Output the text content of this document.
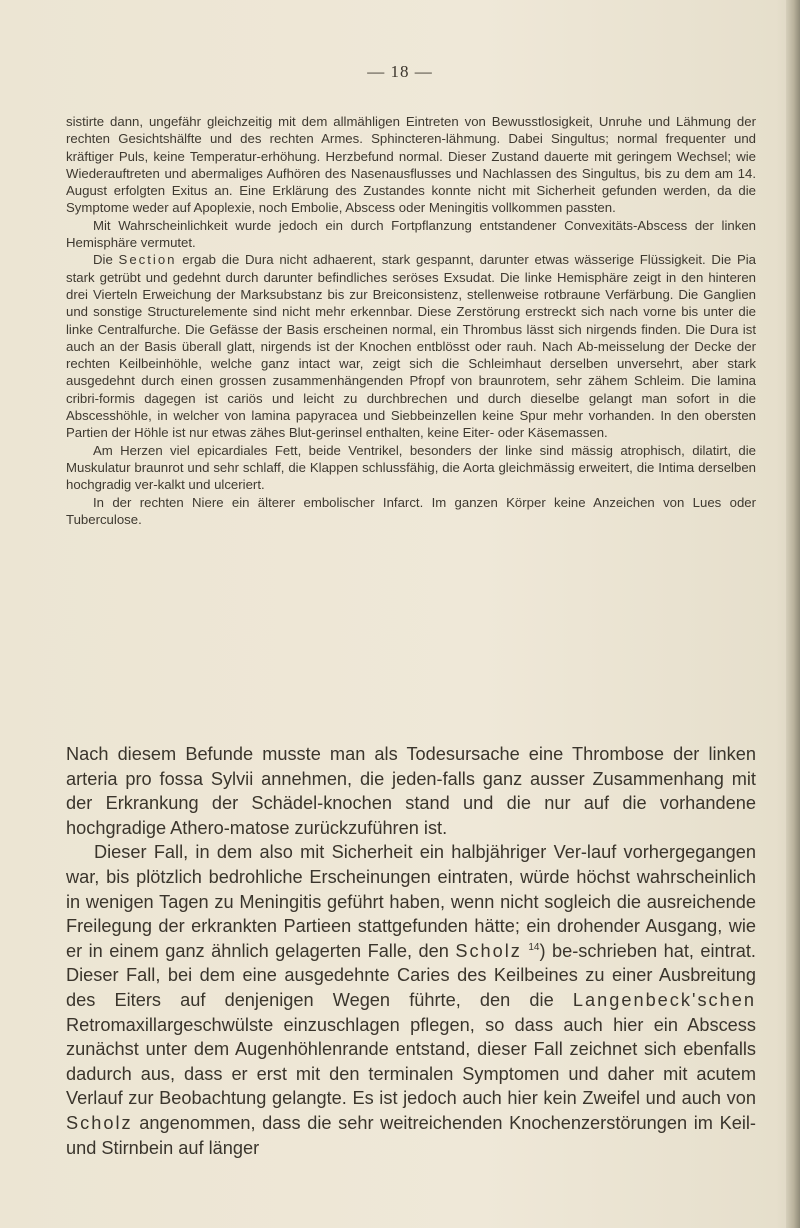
— 18 —

sistirte dann, ungefähr gleichzeitig mit dem allmähligen Eintreten von Bewusstlosigkeit, Unruhe und Lähmung der rechten Gesichtshälfte und des rechten Armes. Sphincteren-lähmung. Dabei Singultus; normal frequenter und kräftiger Puls, keine Temperatur-erhöhung. Herzbefund normal. Dieser Zustand dauerte mit geringem Wechsel; wie Wiederauftreten und abermaliges Aufhören des Nasenausflusses und Nachlassen des Singultus, bis zu dem am 14. August erfolgten Exitus an. Eine Erklärung des Zustandes konnte nicht mit Sicherheit gefunden werden, da die Symptome weder auf Apoplexie, noch Embolie, Abscess oder Meningitis vollkommen passten.

Mit Wahrscheinlichkeit wurde jedoch ein durch Fortpflanzung entstandener Convexitäts-Abscess der linken Hemisphäre vermutet.

Die Section ergab die Dura nicht adhaerent, stark gespannt, darunter etwas wässerige Flüssigkeit. Die Pia stark getrübt und gedehnt durch darunter befindliches seröses Exsudat. Die linke Hemisphäre zeigt in den hinteren drei Vierteln Erweichung der Marksubstanz bis zur Breiconsistenz, stellenweise rotbraune Verfärbung. Die Ganglien und sonstige Structurelemente sind nicht mehr erkennbar. Diese Zerstörung erstreckt sich nach vorne bis unter die linke Centralfurche. Die Gefässe der Basis erscheinen normal, ein Thrombus lässt sich nirgends finden. Die Dura ist auch an der Basis überall glatt, nirgends ist der Knochen entblösst oder rauh. Nach Ab-meisselung der Decke der rechten Keilbeinhöhle, welche ganz intact war, zeigt sich die Schleimhaut derselben unversehrt, aber stark ausgedehnt durch einen grossen zusammenhängenden Pfropf von braunrotem, sehr zähem Schleim. Die lamina cribri-formis dagegen ist cariös und leicht zu durchbrechen und durch dieselbe gelangt man sofort in die Abscesshöhle, in welcher von lamina papyracea und Siebbeinzellen keine Spur mehr vorhanden. In den obersten Partien der Höhle ist nur etwas zähes Blut-gerinsel enthalten, keine Eiter- oder Käsemassen.

Am Herzen viel epicardiales Fett, beide Ventrikel, besonders der linke sind mässig atrophisch, dilatirt, die Muskulatur braunrot und sehr schlaff, die Klappen schlussfähig, die Aorta gleichmässig erweitert, die Intima derselben hochgradig ver-kalkt und ulceriert.

In der rechten Niere ein älterer embolischer Infarct. Im ganzen Körper keine Anzeichen von Lues oder Tuberculose.

Nach diesem Befunde musste man als Todesursache eine Thrombose der linken arteria pro fossa Sylvii annehmen, die jeden-falls ganz ausser Zusammenhang mit der Erkrankung der Schädel-knochen stand und die nur auf die vorhandene hochgradige Athero-matose zurückzuführen ist.

Dieser Fall, in dem also mit Sicherheit ein halbjähriger Ver-lauf vorhergegangen war, bis plötzlich bedrohliche Erscheinungen eintraten, würde höchst wahrscheinlich in wenigen Tagen zu Meningitis geführt haben, wenn nicht sogleich die ausreichende Freilegung der erkrankten Partieen stattgefunden hätte; ein drohender Ausgang, wie er in einem ganz ähnlich gelagerten Falle, den Scholz $^{14}$) be-schrieben hat, eintrat. Dieser Fall, bei dem eine ausgedehnte Caries des Keilbeines zu einer Ausbreitung des Eiters auf denjenigen Wegen führte, den die Langenbeck'schen Retromaxillargeschwülste einzuschlagen pflegen, so dass auch hier ein Abscess zunächst unter dem Augenhöhlenrande entstand, dieser Fall zeichnet sich ebenfalls dadurch aus, dass er erst mit den terminalen Symptomen und daher mit acutem Verlauf zur Beobachtung gelangte. Es ist jedoch auch hier kein Zweifel und auch von Scholz angenommen, dass die sehr weitreichenden Knochenzerstörungen im Keil- und Stirnbein auf länger
